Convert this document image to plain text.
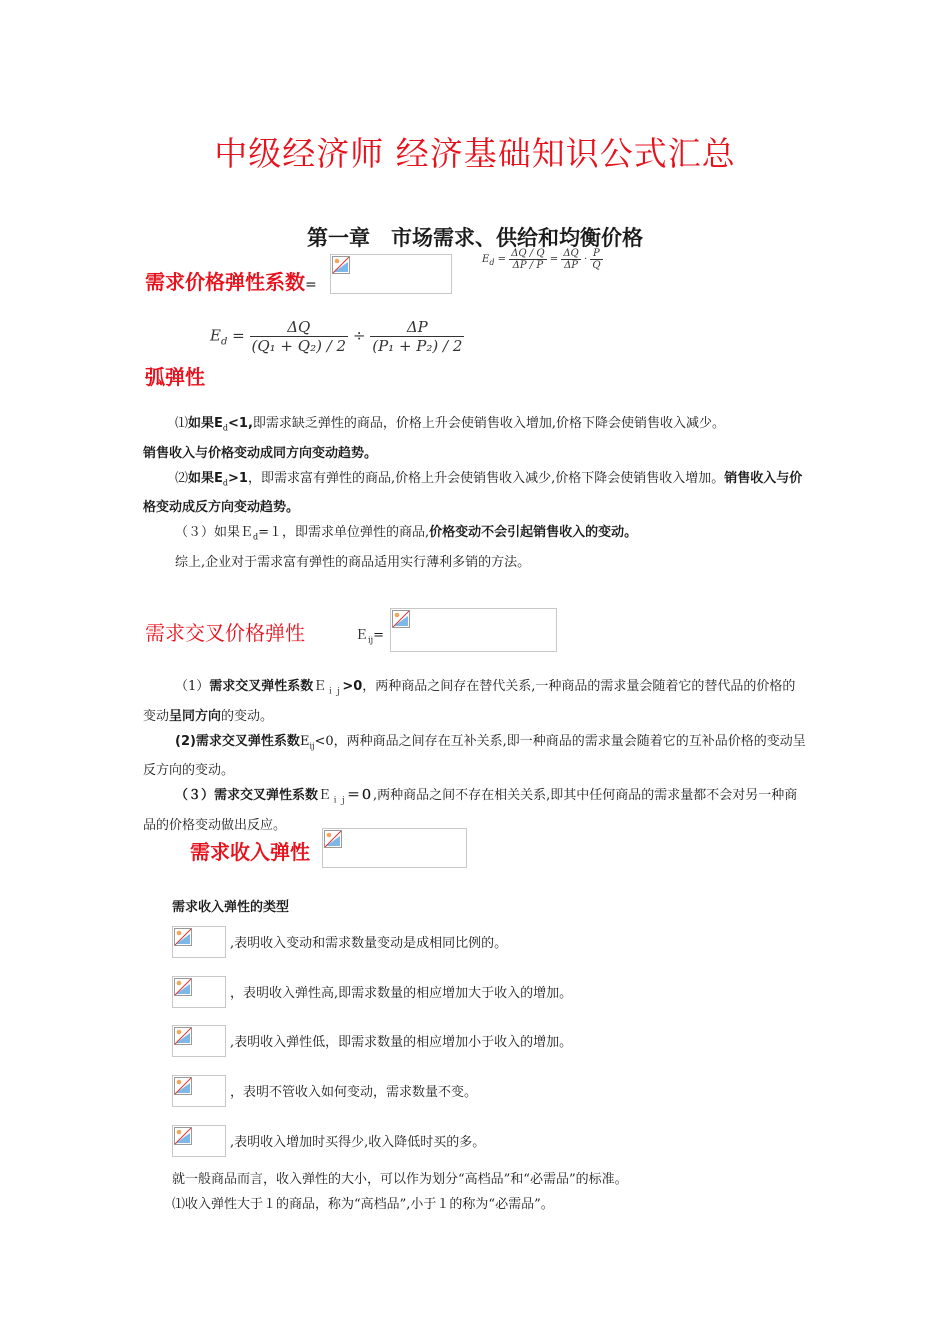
中级经济师 经济基础知识公式汇总
第一章　市场需求、供给和均衡价格
需求价格弹性系数=
$E_d = \frac{\Delta Q / Q}{\Delta P / P} = \frac{\Delta Q}{\Delta P} \cdot \frac{P}{Q}$
$E_d = \frac{\Delta Q}{\text{(Q₁ + Q₂) / 2}} \div \frac{\Delta P}{\text{(P₁ + P₂) / 2}}$
弧弹性
⑴如果$E_d<1$,即需求缺乏弹性的商品，价格上升会使销售收入增加,价格下降会使销售收入减少。
销售收入与价格变动成同方向变动趋势。
⑵如果$E_d>1$，即需求富有弹性的商品,价格上升会使销售收入减少,价格下降会使销售收入增加。销售收入与价格变动成反方向变动趋势。
（３）如果Ｅ$_d$=１，即需求单位弹性的商品,价格变动不会引起销售收入的变动。
综上,企业对于需求富有弹性的商品适用实行薄利多销的方法。
需求交叉价格弹性	Ｅ$_{ij}$=
（1）需求交叉弹性系数Ｅ$_{ij}$>0，两种商品之间存在替代关系,一种商品的需求量会随着它的替代品的价格的变动呈同方向的变动。
(2)需求交叉弹性系数$E_{ij}<0$，两种商品之间存在互补关系,即一种商品的需求量会随着它的互补品价格的变动呈反方向的变动。
（３）需求交叉弹性系数Ｅ$_{ij}$＝０,两种商品之间不存在相关关系,即其中任何商品的需求量都不会对另一种商品的价格变动做出反应。
需求收入弹性
需求收入弹性的类型
,表明收入变动和需求数量变动是成相同比例的。
，表明收入弹性高,即需求数量的相应增加大于收入的增加。
,表明收入弹性低，即需求数量的相应增加小于收入的增加。
，表明不管收入如何变动，需求数量不变。
,表明收入增加时买得少,收入降低时买的多。
就一般商品而言，收入弹性的大小，可以作为划分“高档品”和“必需品”的标准。
⑴收入弹性大于１的商品，称为“高档品”,小于１的称为“必需品”。
